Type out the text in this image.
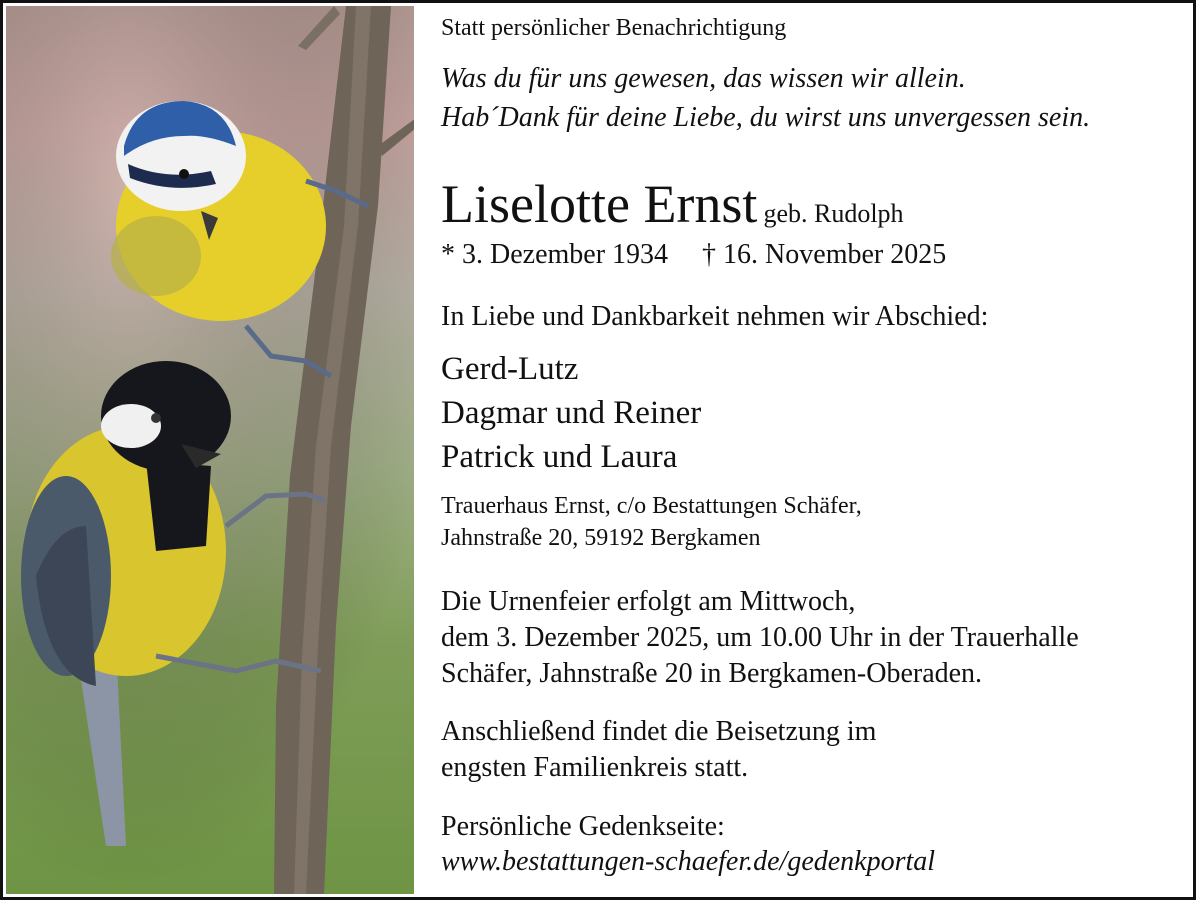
Statt persönlicher Benachrichtigung
Was du für uns gewesen, das wissen wir allein.
Hab´Dank für deine Liebe, du wirst uns unvergessen sein.
Liselotte Ernst geb. Rudolph
* 3. Dezember 1934 † 16. November 2025
In Liebe und Dankbarkeit nehmen wir Abschied:
Gerd-Lutz
Dagmar und Reiner
Patrick und Laura
Trauerhaus Ernst, c/o Bestattungen Schäfer,
Jahnstraße 20, 59192 Bergkamen
Die Urnenfeier erfolgt am Mittwoch,
dem 3. Dezember 2025, um 10.00 Uhr in der Trauerhalle
Schäfer, Jahnstraße 20 in Bergkamen-Oberaden.
Anschließend findet die Beisetzung im
engsten Familienkreis statt.
Persönliche Gedenkseite:
www.bestattungen-schaefer.de/gedenkportal
